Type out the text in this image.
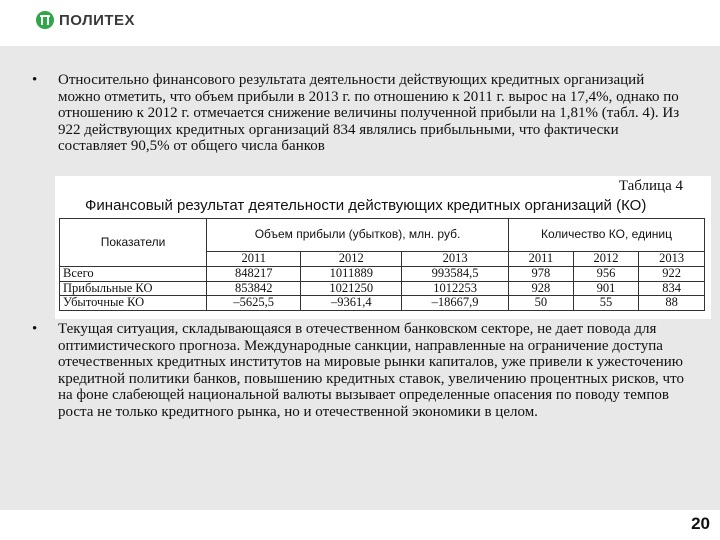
ПОЛИТЕХ
• Относительно финансового результата деятельности действующих кредитных организаций можно отметить, что объем прибыли в 2013 г. по отношению к 2011 г. вырос на 17,4%, однако по отношению к 2012 г. отмечается снижение величины полученной прибыли на 1,81% (табл. 4). Из 922 действующих кредитных организаций 834 являлись прибыльными, что фактически составляет 90,5% от общего числа банков
Таблица 4
Финансовый результат деятельности действующих кредитных организаций (КО)
Показатели	Объем прибыли (убытков), млн. руб.			Количество КО, единиц		
	2011	2012	2013	2011	2012	2013
Всего	848217	1011889	993584,5	978	956	922
Прибыльные КО	853842	1021250	1012253	928	901	834
Убыточные КО	–5625,5	–9361,4	–18667,9	50	55	88
• Текущая ситуация, складывающаяся в отечественном банковском секторе, не дает повода для оптимистического прогноза. Международные санкции, направленные на ограничение доступа отечественных кредитных институтов на мировые рынки капиталов, уже привели к ужесточению кредитной политики банков, повышению кредитных ставок, увеличению процентных рисков, что на фоне слабеющей национальной валюты вызывает определенные опасения по поводу темпов роста не только кредитного рынка, но и отечественной экономики в целом.
20
